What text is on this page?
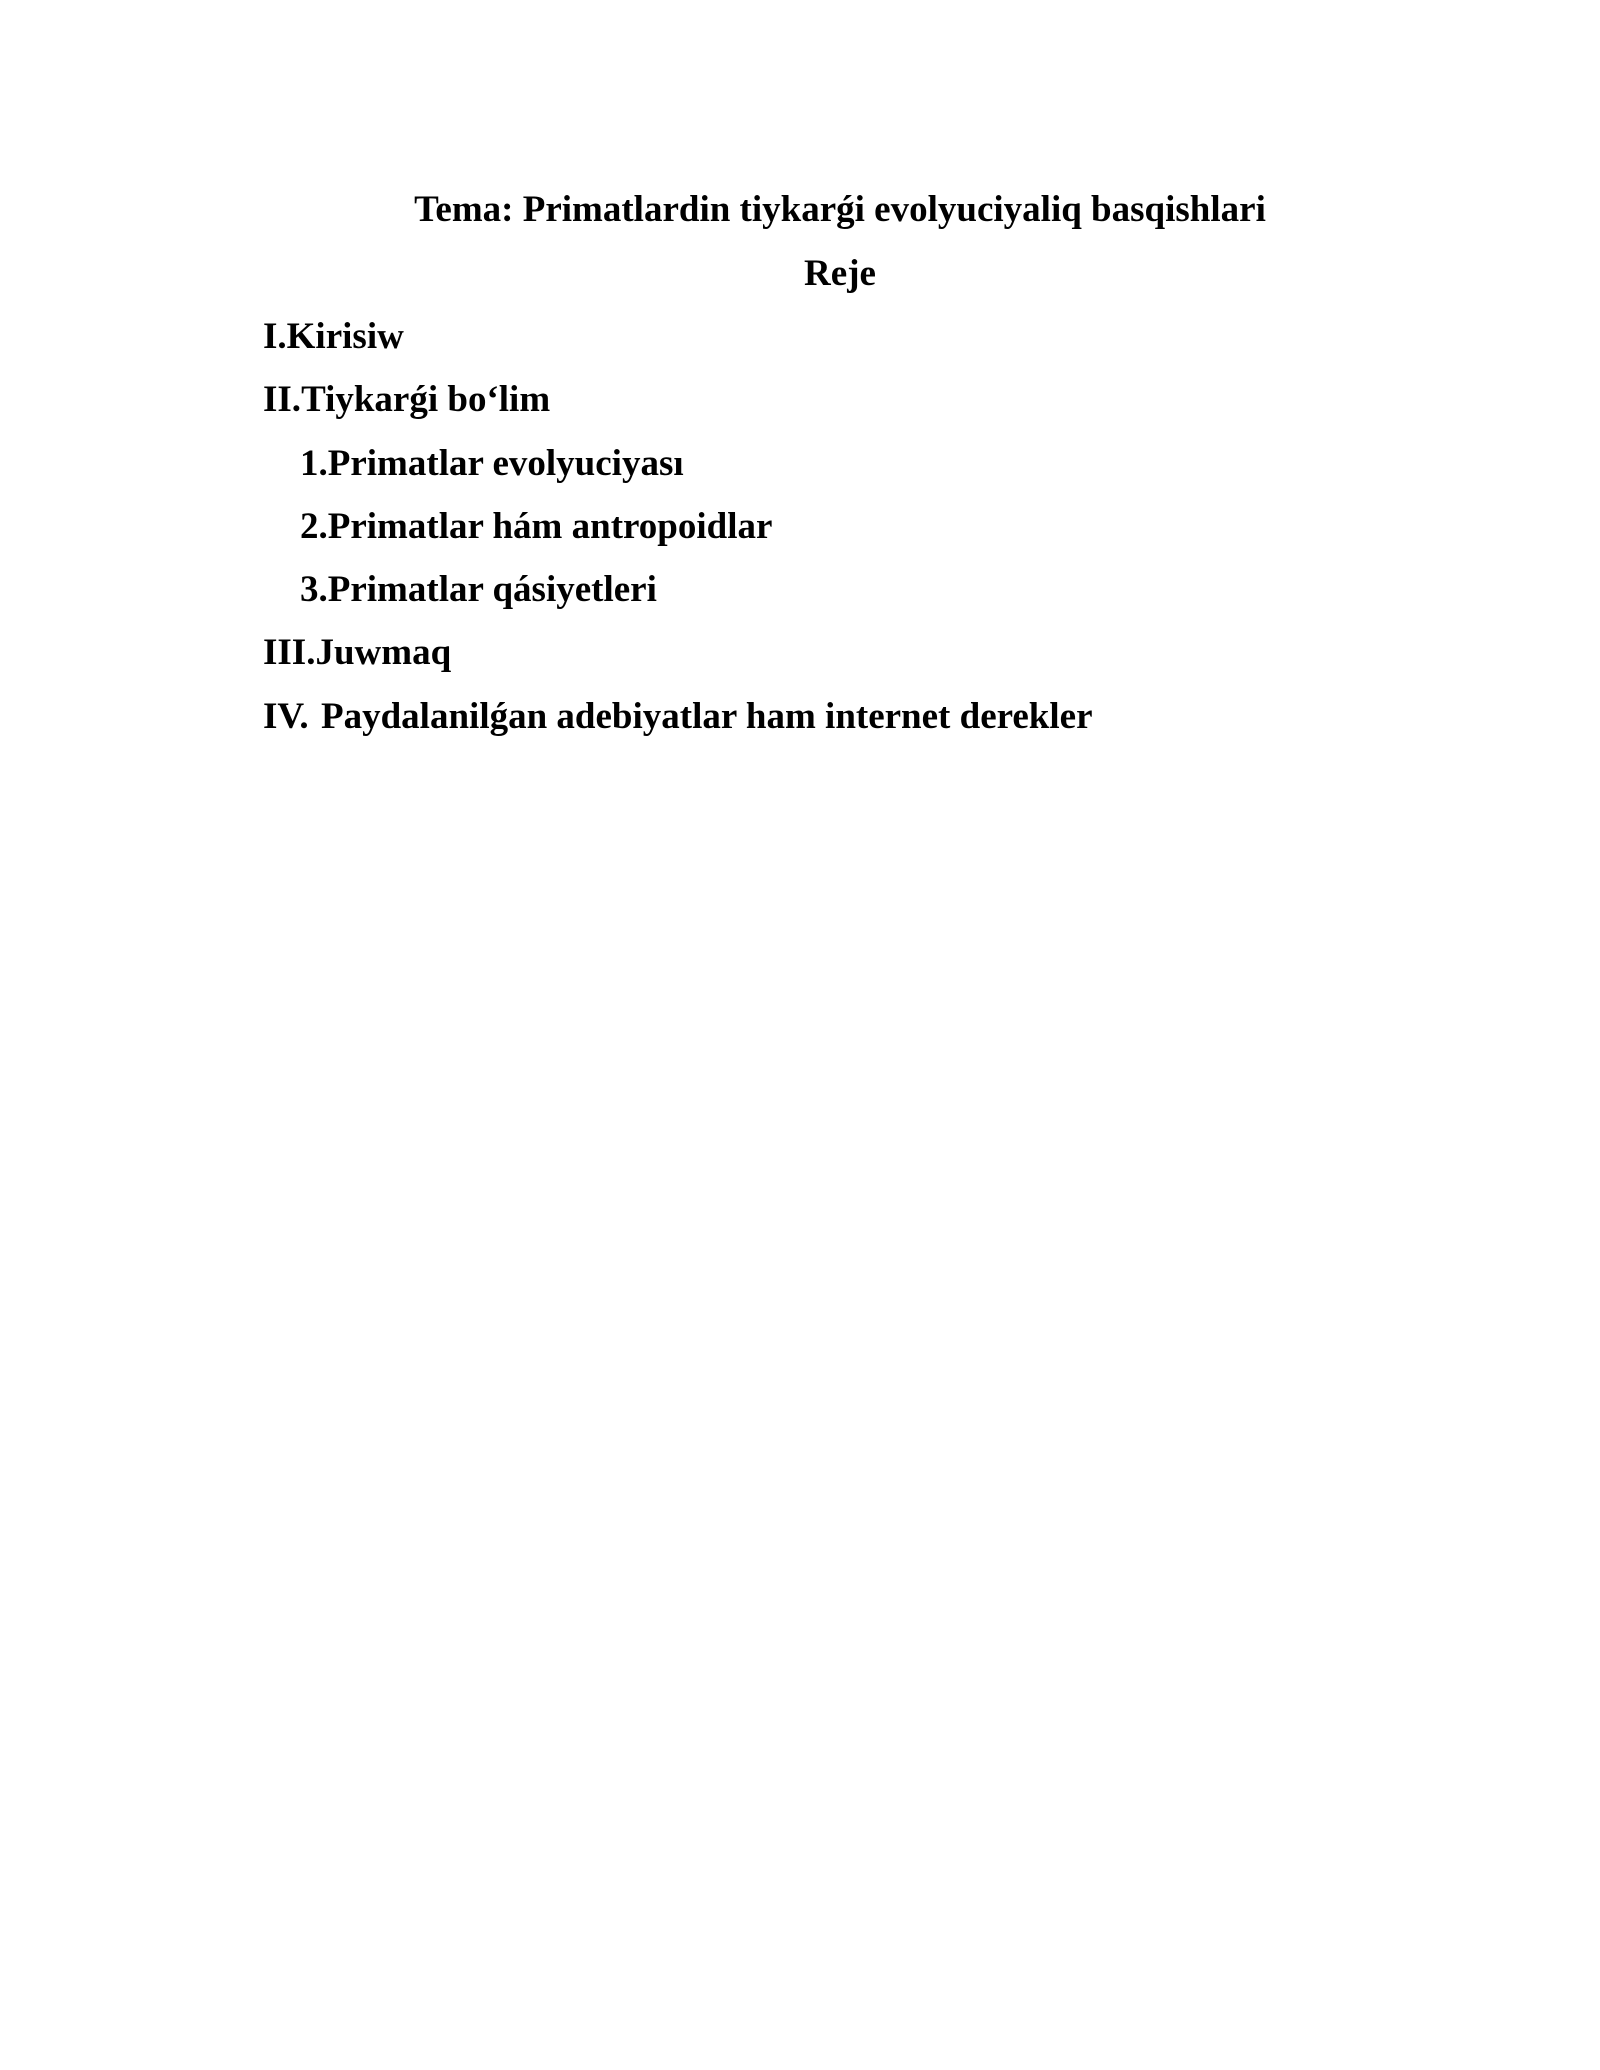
Tema: Primatlardin tiykarǵi evolyuciyaliq basqishlari
Reje
I.Kirisiw
II.Tiykarǵi bo‘lim
1.Primatlar evolyuciyası
2.Primatlar hám antropoidlar
3.Primatlar qásiyetleri
III.Juwmaq
IV. Paydalanilǵan adebiyatlar ham internet derekler
